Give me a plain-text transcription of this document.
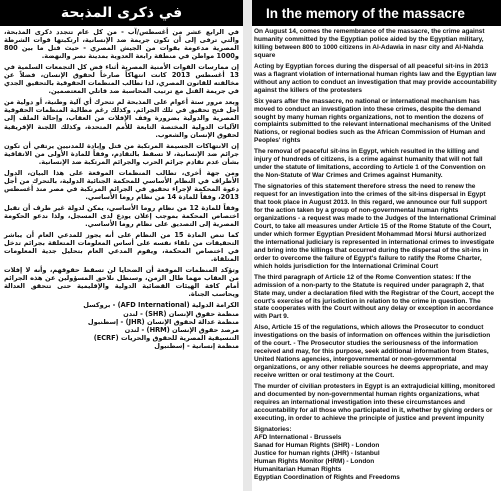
في ذكرى المذبحة

في الرابع عشر من أغسطس/آب - من كل عام تتجدد ذكرى المذبحة، والتي ترفى إلى أن تكون جريمة ضد الإنسانية، ارتكبتها قوات الشرطة المصرية مدعومة بقوات من الجيش المصري - حيث قتل ما بين 800 و1000 مواطن في منطقة رابعة العدوية بمدينة نصر والنهضة.

إن ممارسات القوات الأمنية المصرية أثناء فض كل التجمعات السلمية في 13 أغسطس 2013 كانت انتهاكاً صارخاً لحقوق الإنسان، فضلاً عن مخالفته للقانون المصري، لذا تطالب المنظمات الحقوقية بالتحقيق الجدي في جريمة القتل مع ترتيب المحاسبة ضد قاتلي المعتصمين.

وبعد مرور ستة أعوام على المذبحة لم تتحرك أي آلية وطنية، أو دولية من أجل فتح تحقيق في تلك الجرائم. وكذلك رغم مطالبة المنظمات الحقوقية المصرية والدولية بضرورة وقف الإفلات من العقاب، وإحالة الملف إلى الآليات الدولية المختصة التابعة للأمم المتحدة، وكذلك اللجنة الإفريقية لحقوق الإنسان والشعوب.

إن الانتهاكات الجسيمة المرتكبة من قتل وإبادة للمدنيين يرتقي أن تكون جرائم ضد الإنسانية، لا تسقط بالتقادم، وفقاً للمادة الأولى من الاتفاقية بشأن عدم تقادم جرائم الحرب والجرائم المرتكبة ضد الإنسانية.

ومن جهة أخرى، تطالب المنظمات الموقعة على هذا البيان، الدول الأطراف في النظام الأساسي للمحكمة الجنائية الدولية، بالتحرك من أجل دعوة المحكمة لإجراء تحقيق في الجرائم المرتكبة في مصر منذ أغسطس 2013، وفقاً للمادة 14 من نظام روما الأساسي.

وفقاً للمادة 12 من نظام روما الأساسي، يمكن لدولة غير طرف أن تقبل اختصاص المحكمة بموجب إعلان يودع لدى المسجل، ولذا ندعو الحكومة المصرية إلى التصديق على نظام روما الأساسي.

كما تنص المادة 15 من النظام على أنه يجوز للمدعي العام أن يباشر التحقيقات من تلقاء نفسه على أساس المعلومات المتعلقة بجرائم تدخل في اختصاص المحكمة، ويقوم المدعي العام بتحليل جدية المعلومات المتلقاة.

وتؤكد المنظمات الموقعة أن الضحايا لن تسقط حقوقهم، وأنه لا إفلات من العقاب مهما طال الزمن، وسنظل نلاحق المسؤولين عن هذه الجرائم أمام كافة الهيئات القضائية الدولية والإقليمية حتى تتحقق العدالة ويحاسب الجناة.

الكرامة الدولية (AFD International) - بروكسل
منظمة حقوق الإنسان (SHR) - لندن
منظمة عدالة لحقوق الإنسان (JHR) - إسطنبول
مرصد حقوق الإنسان (HRM) - لندن
التنسيقية المصرية للحقوق والحريات (ECRF)
منظمة إنسانية - إسطنبول
In the memory of the massacre

On August 14, comes the remembrance of the massacre, the crime against humanity committed by the Egyptian police aided by the Egyptian military, killing between 800 to 1000 citizens in Al-Adawia in nasr city and Al-Nahda square

Acting by Egyptian forces during the dispersal of all peaceful sit-ins in 2013 was a flagrant violation of international human rights law and the Egyptian law without any action to conduct an investigation that may provide accountability against the killers of the protesters

Six years after the massacre, no national or international mechanism has moved to conduct an investigation into these crimes, despite the demand sought by many human rights organizations, not to mention the dozens of complaints submitted to the relevant international mechanisms of the United Nations, or regional bodies such as the African Commission of Human and Peoples' rights

The removal of peaceful sit-ins in Egypt, which resulted in the killing and injury of hundreds of citizens, is a crime against humanity that will not fall under the statute of limitations, according to Article 1 of the Convention on the Non-Statute of War Crimes and Crimes against Humanity.

The signatories of this statement therefore stress the need to renew the request for an investigation into the crimes of the sit-ins dispersal in Egypt that took place in August 2013. In this regard, we announce our full support for the action taken by a group of non-governmental human rights organizations - a request was made to the Judges of the International Criminal Court, to take all measures under Article 15 of the Rome Statute of the Court, under which former Egyptian President Mohammad Morsi Mursi authorized the international judiciary is represented in international crimes to investigate and bring into the killings that occurred during the dispersal of the sit-ins in order to overcome the failure of Egypt's failure to ratify the Rome Charter, which holds jurisdiction for the International Criminal Court

The third paragraph of Article 12 of the Rome Convention states: If the admission of a non-party to the Statute is required under paragraph 2, that State may, under a declaration filed with the Registrar of the Court, accept the court's exercise of its jurisdiction in relation to the crime in question. The state cooperates with the Court without any delay or exception in accordance with Part 9.

Also, Article 15 of the regulations, which allows the Prosecutor to conduct investigations on the basis of information on offences within the jurisdiction of the court. - The Prosecutor studies the seriousness of the information received and may, for this purpose, seek additional information from States, United Nations agencies, intergovernmental or non-governmental organizations, or any other reliable sources he deems appropriate, and may receive written or oral testimony at the Court.

The murder of civilian protesters in Egypt is an extrajudicial killing, monitored and documented by non-governmental human rights organizations, what requires an international investigation into these circumstances and accountability for all those who participated in it, whether by giving orders or executing, in order to achieve the principle of justice and prevent impunity

Signatories:
AFD International - Brussels
Sanad for Human Rights (SHR) - London
Justice for human rights (JHR) - Istanbul
Human Rights Monitor (HRM) - London
Humanitarian Human Rights
Egyptian Coordination of Rights and Freedoms
